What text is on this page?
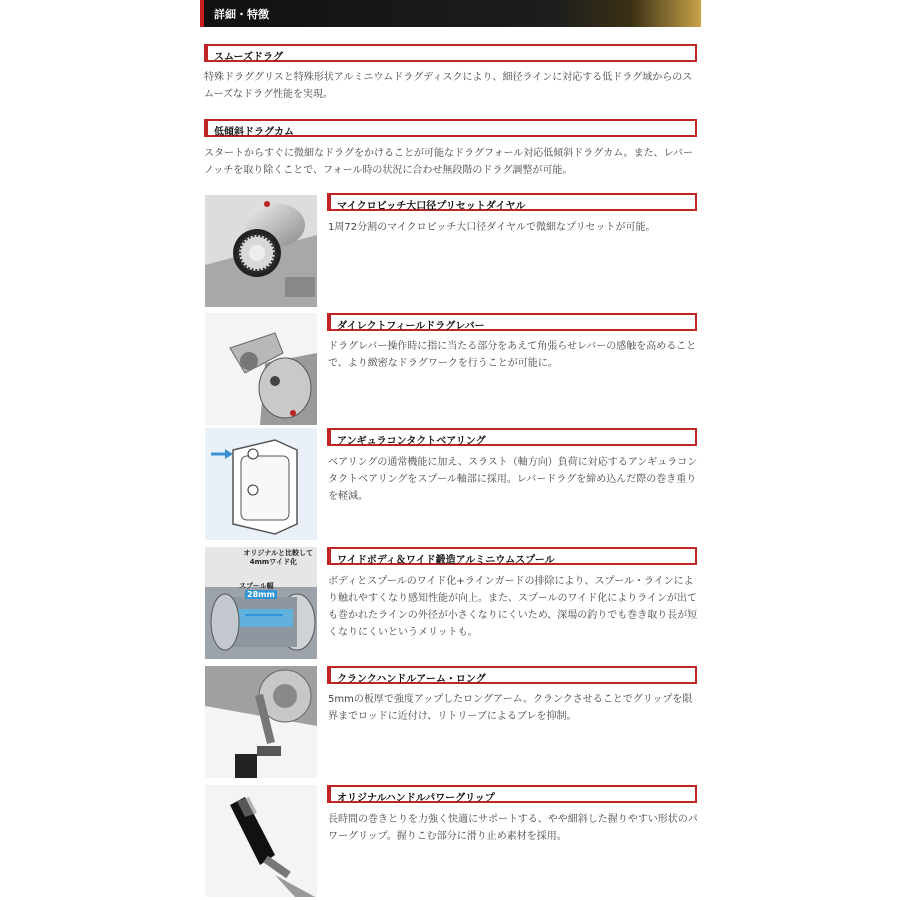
詳細・特徴
スムーズドラグ
特殊ドラググリスと特殊形状アルミニウムドラグディスクにより、細径ラインに対応する低ドラグ域からのスムーズなドラグ性能を実現。
低傾斜ドラグカム
スタートからすぐに微細なドラグをかけることが可能なドラグフォール対応低傾斜ドラグカム。また、レバーノッチを取り除くことで、フォール時の状況に合わせ無段階のドラグ調整が可能。
マイクロピッチ大口径プリセットダイヤル
1周72分割のマイクロピッチ大口径ダイヤルで微細なプリセットが可能。
ダイレクトフィールドラグレバー
ドラグレバー操作時に指に当たる部分をあえて角張らせレバーの感触を高めることで、より緻密なドラグワークを行うことが可能に。
アンギュラコンタクトベアリング
ベアリングの通常機能に加え、スラスト（軸方向）負荷に対応するアンギュラコンタクトベアリングをスプール軸部に採用。レバードラグを締め込んだ際の巻き重りを軽減。
オリジナルと比較して
4mmワイド化
スプール幅
28mm
ワイドボディ＆ワイド鍛造アルミニウムスプール
ボディとスプールのワイド化+ラインガードの排除により、スプール・ラインにより触れやすくなり感知性能が向上。また、スプールのワイド化によりラインが出ても巻かれたラインの外径が小さくなりにくいため、深場の釣りでも巻き取り長が短くなりにくいというメリットも。
クランクハンドルアーム・ロング
5mmの板厚で強度アップしたロングアーム。クランクさせることでグリップを限界までロッドに近付け、リトリーブによるブレを抑制。
オリジナルハンドルパワーグリップ
長時間の巻きとりを力強く快適にサポートする、やや細斜した握りやすい形状のパワーグリップ。握りこむ部分に滑り止め素材を採用。
